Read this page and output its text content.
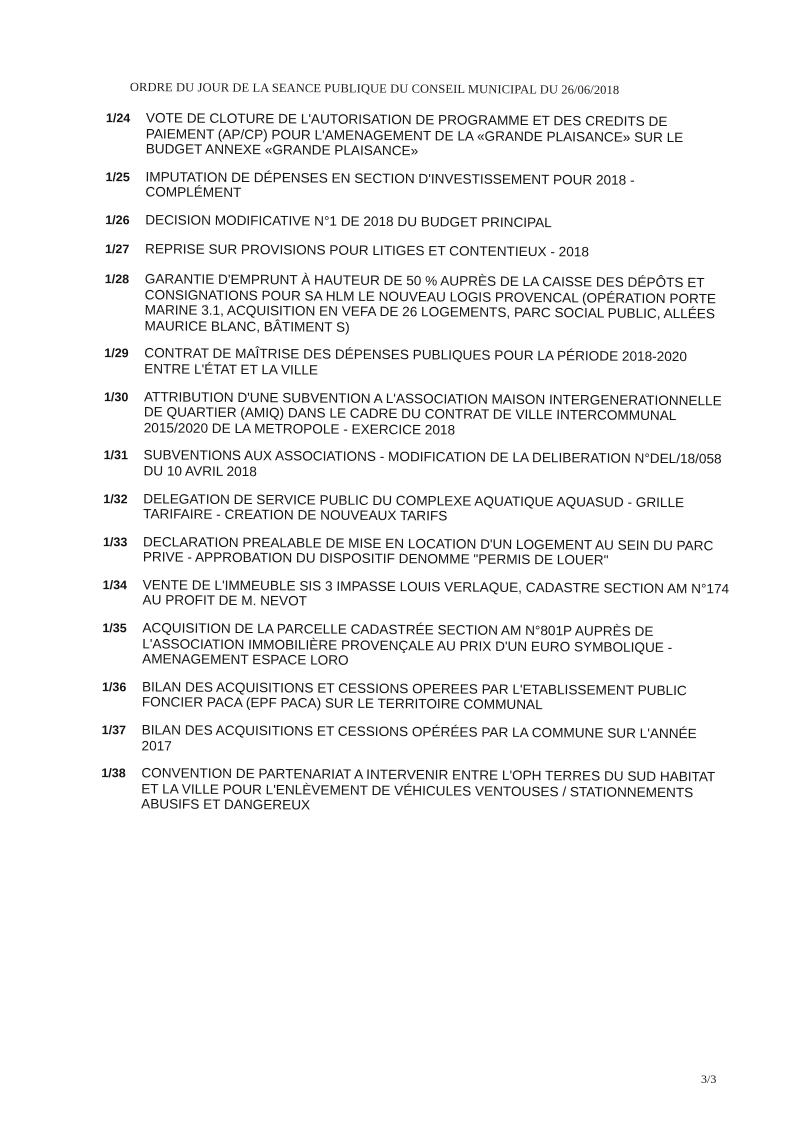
ORDRE DU JOUR DE LA SEANCE PUBLIQUE DU CONSEIL MUNICIPAL DU 26/06/2018
1/24	VOTE DE CLOTURE DE L'AUTORISATION DE PROGRAMME ET DES CREDITS DE PAIEMENT (AP/CP) POUR L'AMENAGEMENT DE LA «GRANDE PLAISANCE» SUR LE BUDGET ANNEXE «GRANDE PLAISANCE»
1/25	IMPUTATION DE DÉPENSES EN SECTION D'INVESTISSEMENT POUR 2018 - COMPLÉMENT
1/26	DECISION MODIFICATIVE N°1 DE 2018 DU BUDGET PRINCIPAL
1/27	REPRISE SUR PROVISIONS POUR LITIGES ET CONTENTIEUX - 2018
1/28	GARANTIE D'EMPRUNT À HAUTEUR DE 50 % AUPRÈS DE LA CAISSE DES DÉPÔTS ET CONSIGNATIONS POUR SA HLM LE NOUVEAU LOGIS PROVENCAL (OPÉRATION PORTE MARINE 3.1, ACQUISITION EN VEFA DE 26 LOGEMENTS, PARC SOCIAL PUBLIC, ALLÉES MAURICE BLANC, BÂTIMENT S)
1/29	CONTRAT DE MAÎTRISE DES DÉPENSES PUBLIQUES POUR LA PÉRIODE 2018-2020 ENTRE L'ÉTAT ET LA VILLE
1/30	ATTRIBUTION D'UNE SUBVENTION A L'ASSOCIATION MAISON INTERGENERATIONNELLE DE QUARTIER (AMIQ) DANS LE CADRE DU CONTRAT DE VILLE INTERCOMMUNAL 2015/2020 DE LA METROPOLE - EXERCICE 2018
1/31	SUBVENTIONS AUX ASSOCIATIONS - MODIFICATION DE LA DELIBERATION N°DEL/18/058 DU 10 AVRIL 2018
1/32	DELEGATION DE SERVICE PUBLIC DU COMPLEXE AQUATIQUE AQUASUD - GRILLE TARIFAIRE - CREATION DE NOUVEAUX TARIFS
1/33	DECLARATION PREALABLE DE MISE EN LOCATION D'UN LOGEMENT AU SEIN DU PARC PRIVE - APPROBATION DU DISPOSITIF DENOMME "PERMIS DE LOUER"
1/34	VENTE DE L'IMMEUBLE SIS 3 IMPASSE LOUIS VERLAQUE, CADASTRE SECTION AM N°174 AU PROFIT DE M. NEVOT
1/35	ACQUISITION DE LA PARCELLE CADASTRÉE SECTION AM N°801P AUPRÈS DE L'ASSOCIATION IMMOBILIÈRE PROVENÇALE AU PRIX D'UN EURO SYMBOLIQUE - AMENAGEMENT ESPACE LORO
1/36	BILAN DES ACQUISITIONS ET CESSIONS OPEREES PAR L'ETABLISSEMENT PUBLIC FONCIER PACA (EPF PACA) SUR LE TERRITOIRE COMMUNAL
1/37	BILAN DES ACQUISITIONS ET CESSIONS OPÉRÉES PAR LA COMMUNE SUR L'ANNÉE 2017
1/38	CONVENTION DE PARTENARIAT A INTERVENIR ENTRE L'OPH TERRES DU SUD HABITAT ET LA VILLE POUR L'ENLÈVEMENT DE VÉHICULES VENTOUSES / STATIONNEMENTS ABUSIFS ET DANGEREUX
3/3
